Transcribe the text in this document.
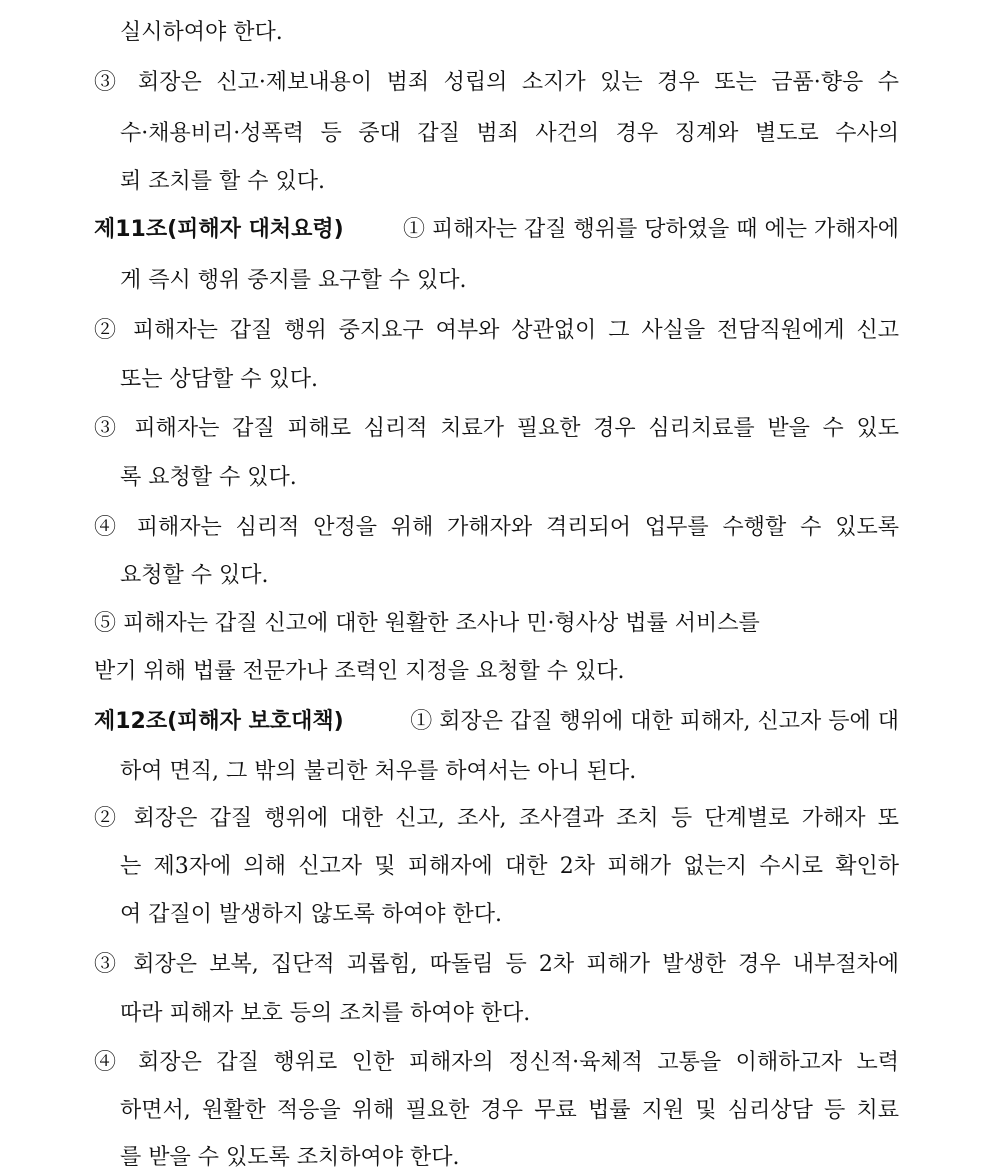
실시하여야 한다.
③ 회장은 신고·제보내용이 범죄 성립의 소지가 있는 경우 또는 금품·향응 수
수·채용비리·성폭력 등 중대 갑질 범죄 사건의 경우 징계와 별도로 수사의
뢰 조치를 할 수 있다.
제11조(피해자 대처요령)	① 피해자는 갑질 행위를 당하였을 때 에는 가해자에
게 즉시 행위 중지를 요구할 수 있다.
② 피해자는 갑질 행위 중지요구 여부와 상관없이 그 사실을 전담직원에게 신고
또는 상담할 수 있다.
③ 피해자는 갑질 피해로 심리적 치료가 필요한 경우 심리치료를 받을 수 있도
록 요청할 수 있다.
④ 피해자는 심리적 안정을 위해 가해자와 격리되어 업무를 수행할 수 있도록
요청할 수 있다.
⑤ 피해자는 갑질 신고에 대한 원활한 조사나 민·형사상 법률 서비스를
받기 위해 법률 전문가나 조력인 지정을 요청할 수 있다.
제12조(피해자 보호대책)	① 회장은 갑질 행위에 대한 피해자, 신고자 등에 대
하여 면직, 그 밖의 불리한 처우를 하여서는 아니 된다.
② 회장은 갑질 행위에 대한 신고, 조사, 조사결과 조치 등 단계별로 가해자 또
는 제3자에 의해 신고자 및 피해자에 대한 2차 피해가 없는지 수시로 확인하
여 갑질이 발생하지 않도록 하여야 한다.
③ 회장은 보복, 집단적 괴롭힘, 따돌림 등 2차 피해가 발생한 경우 내부절차에
따라 피해자 보호 등의 조치를 하여야 한다.
④ 회장은 갑질 행위로 인한 피해자의 정신적·육체적 고통을 이해하고자 노력
하면서, 원활한 적응을 위해 필요한 경우 무료 법률 지원 및 심리상담 등 치료
를 받을 수 있도록 조치하여야 한다.
